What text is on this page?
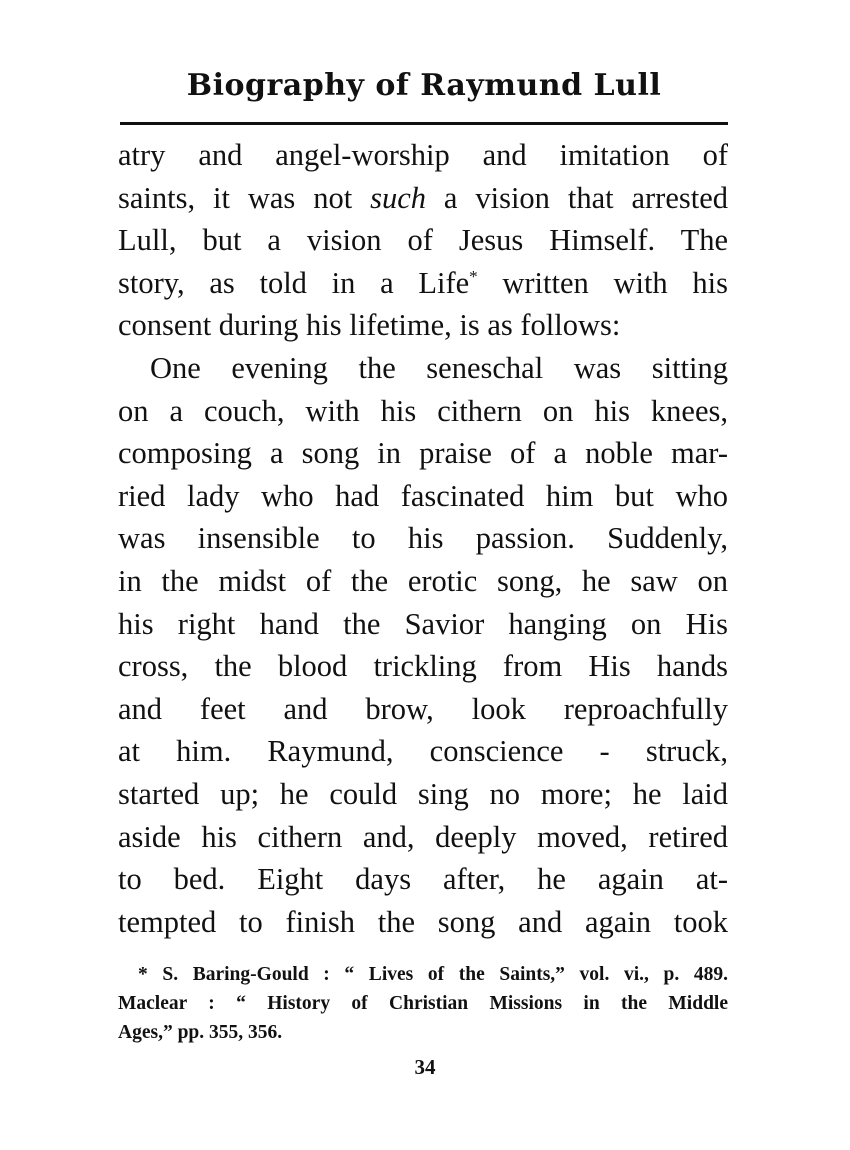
Biography of Raymund Lull

atry and angel-worship and imitation of
saints, it was not such a vision that arrested
Lull, but a vision of Jesus Himself. The
story, as told in a Life* written with his
consent during his lifetime, is as follows:

One evening the seneschal was sitting
on a couch, with his cithern on his knees,
composing a song in praise of a noble mar-
ried lady who had fascinated him but who
was insensible to his passion. Suddenly,
in the midst of the erotic song, he saw on
his right hand the Savior hanging on His
cross, the blood trickling from His hands
and feet and brow, look reproachfully
at him. Raymund, conscience - struck,
started up; he could sing no more; he laid
aside his cithern and, deeply moved, retired
to bed. Eight days after, he again at-
tempted to finish the song and again took

* S. Baring-Gould : “ Lives of the Saints,” vol. vi., p. 489.
Maclear : “ History of Christian Missions in the Middle
Ages,” pp. 355, 356.
34
